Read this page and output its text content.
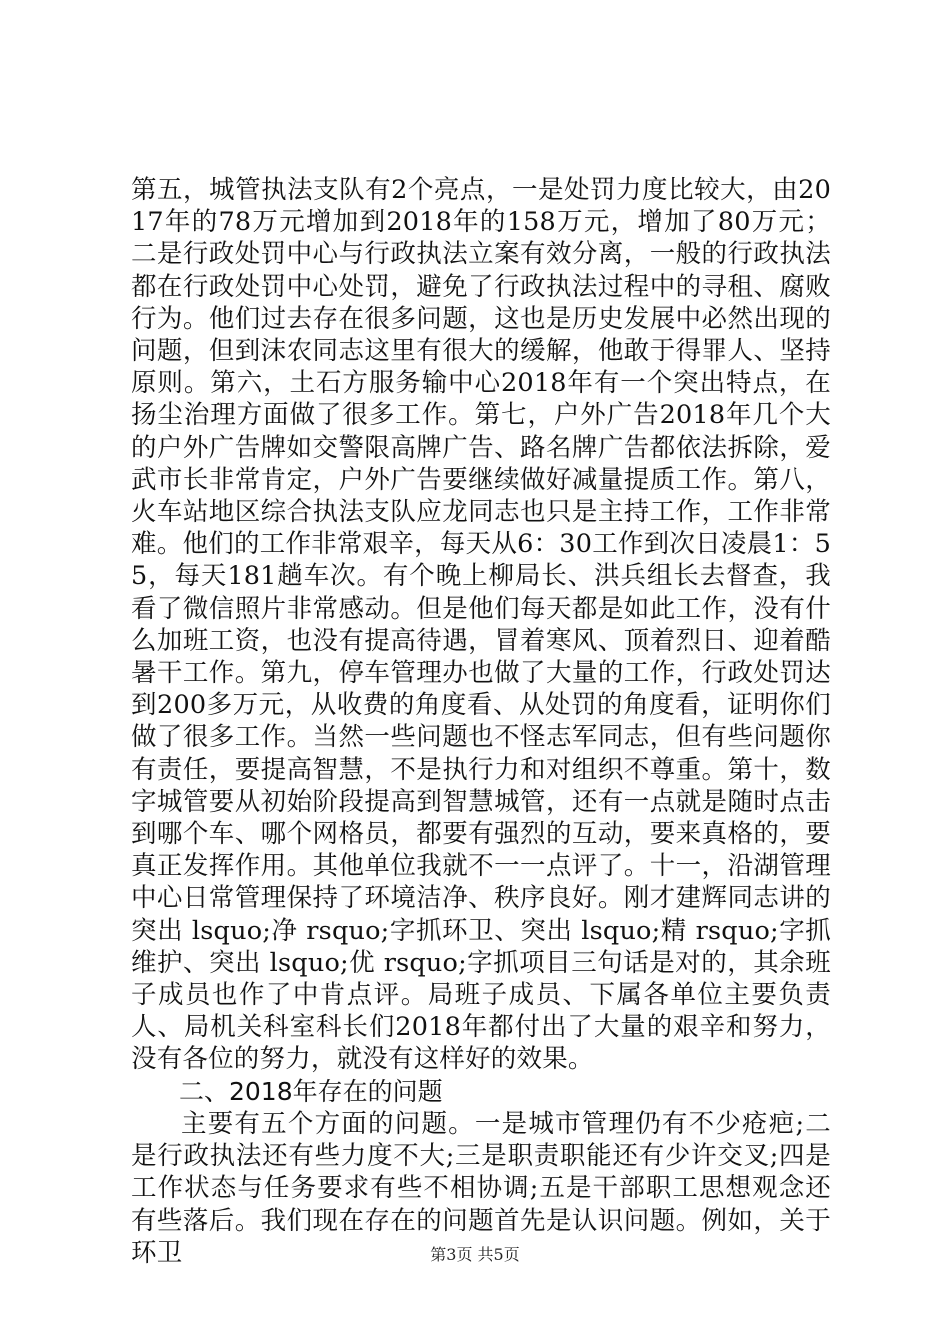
第五，城管执法支队有2个亮点，一是处罚力度比较大，由2017年的78万元增加到2018年的158万元，增加了80万元；二是行政处罚中心与行政执法立案有效分离，一般的行政执法都在行政处罚中心处罚，避免了行政执法过程中的寻租、腐败行为。他们过去存在很多问题，这也是历史发展中必然出现的问题，但到沫农同志这里有很大的缓解，他敢于得罪人、坚持原则。第六，土石方服务输中心2018年有一个突出特点，在扬尘治理方面做了很多工作。第七，户外广告2018年几个大的户外广告牌如交警限高牌广告、路名牌广告都依法拆除，爱武市长非常肯定，户外广告要继续做好减量提质工作。第八，火车站地区综合执法支队应龙同志也只是主持工作，工作非常难。他们的工作非常艰辛，每天从6：30工作到次日凌晨1：55，每天181趟车次。有个晚上柳局长、洪兵组长去督查，我看了微信照片非常感动。但是他们每天都是如此工作，没有什么加班工资，也没有提高待遇，冒着寒风、顶着烈日、迎着酷暑干工作。第九，停车管理办也做了大量的工作，行政处罚达到200多万元，从收费的角度看、从处罚的角度看，证明你们做了很多工作。当然一些问题也不怪志军同志，但有些问题你有责任，要提高智慧，不是执行力和对组织不尊重。第十，数字城管要从初始阶段提高到智慧城管，还有一点就是随时点击到哪个车、哪个网格员，都要有强烈的互动，要来真格的，要真正发挥作用。其他单位我就不一一点评了。十一，沿湖管理中心日常管理保持了环境洁净、秩序良好。刚才建辉同志讲的突出 lsquo;净 rsquo;字抓环卫、突出 lsquo;精 rsquo;字抓维护、突出 lsquo;优 rsquo;字抓项目三句话是对的，其余班子成员也作了中肯点评。局班子成员、下属各单位主要负责人、局机关科室科长们2018年都付出了大量的艰辛和努力，没有各位的努力，就没有这样好的效果。

二、2018年存在的问题

主要有五个方面的问题。一是城市管理仍有不少疮疤;二是行政执法还有些力度不大;三是职责职能还有少许交叉;四是工作状态与任务要求有些不相协调;五是干部职工思想观念还有些落后。我们现在存在的问题首先是认识问题。例如，关于环卫	第3页 共5页
